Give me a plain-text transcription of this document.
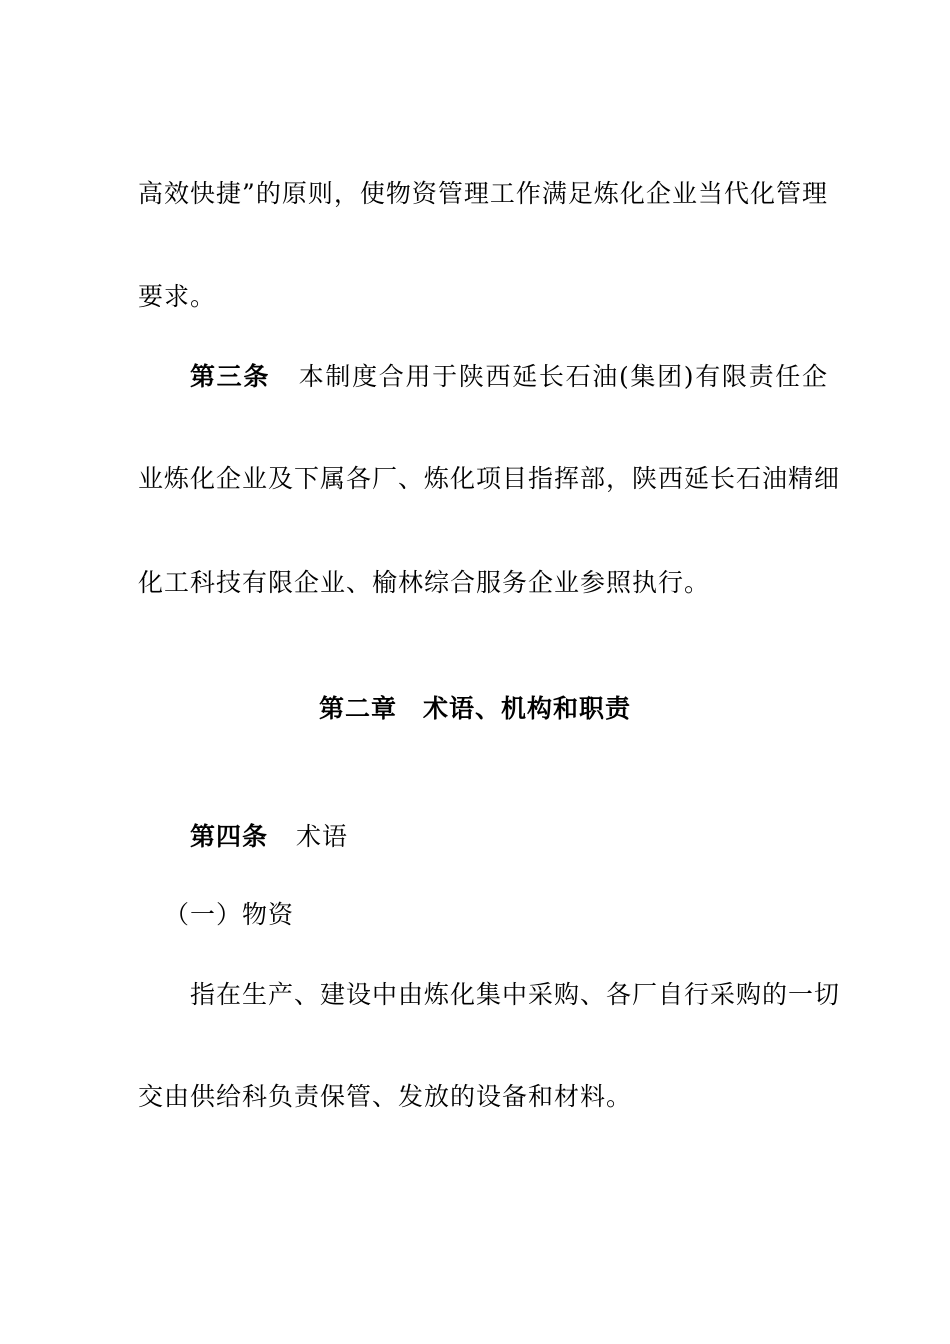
高效快捷”的原则，使物资管理工作满足炼化企业当代化管理
要求。
第三条 本制度合用于陕西延长石油(集团)有限责任企
业炼化企业及下属各厂、炼化项目指挥部，陕西延长石油精细
化工科技有限企业、榆林综合服务企业参照执行。
第二章　术语、机构和职责
第四条 术语
（一）物资
指在生产、建设中由炼化集中采购、各厂自行采购的一切
交由供给科负责保管、发放的设备和材料。
